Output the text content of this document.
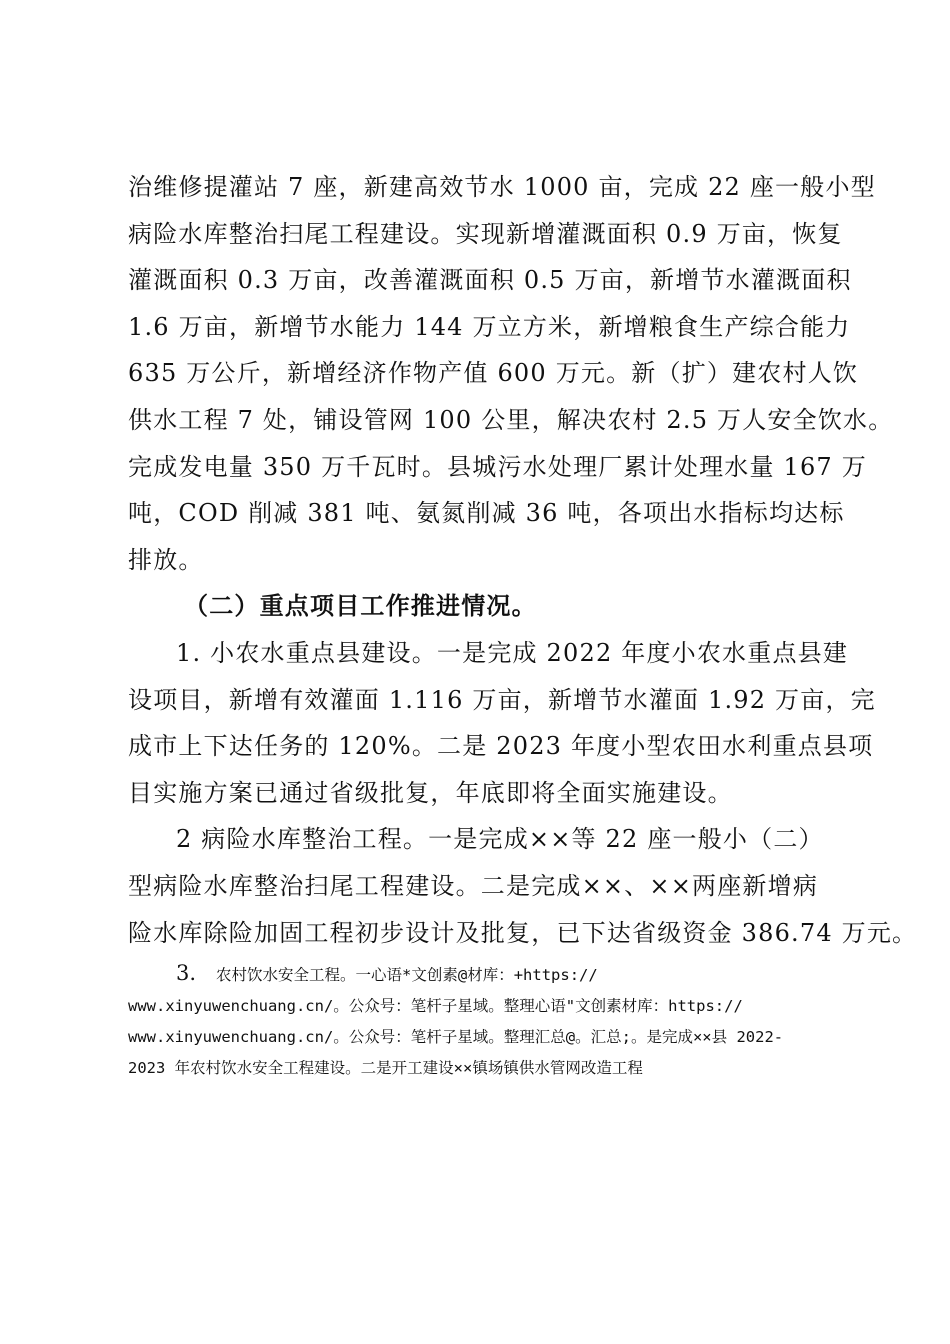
治维修提灌站 7 座，新建高效节水 1000 亩，完成 22 座一般小型
病险水库整治扫尾工程建设。实现新增灌溉面积 0.9 万亩，恢复
灌溉面积 0.3 万亩，改善灌溉面积 0.5 万亩，新增节水灌溉面积
1.6 万亩，新增节水能力 144 万立方米，新增粮食生产综合能力
635 万公斤，新增经济作物产值 600 万元。新（扩）建农村人饮
供水工程 7 处，铺设管网 100 公里，解决农村 2.5 万人安全饮水。
完成发电量 350 万千瓦时。县城污水处理厂累计处理水量 167 万
吨，COD 削减 381 吨、氨氮削减 36 吨，各项出水指标均达标
排放。
（二）重点项目工作推进情况。
1. 小农水重点县建设。一是完成 2022 年度小农水重点县建
设项目，新增有效灌面 1.116 万亩，新增节水灌面 1.92 万亩，完
成市上下达任务的 120%。二是 2023 年度小型农田水利重点县项
目实施方案已通过省级批复，年底即将全面实施建设。
2 病险水库整治工程。一是完成××等 22 座一般小（二）
型病险水库整治扫尾工程建设。二是完成××、××两座新增病
险水库除险加固工程初步设计及批复，已下达省级资金 386.74 万元。
3. 农村饮水安全工程。一心语*文创素@材库：+https://
www.xinyuwenchuang.cn/。公众号：笔杆子星域。整理心语"文创素材库：https://
www.xinyuwenchuang.cn/。公众号：笔杆子星域。整理汇总@。汇总;。是完成××县 2022-
2023 年农村饮水安全工程建设。二是开工建设××镇场镇供水管网改造工程
